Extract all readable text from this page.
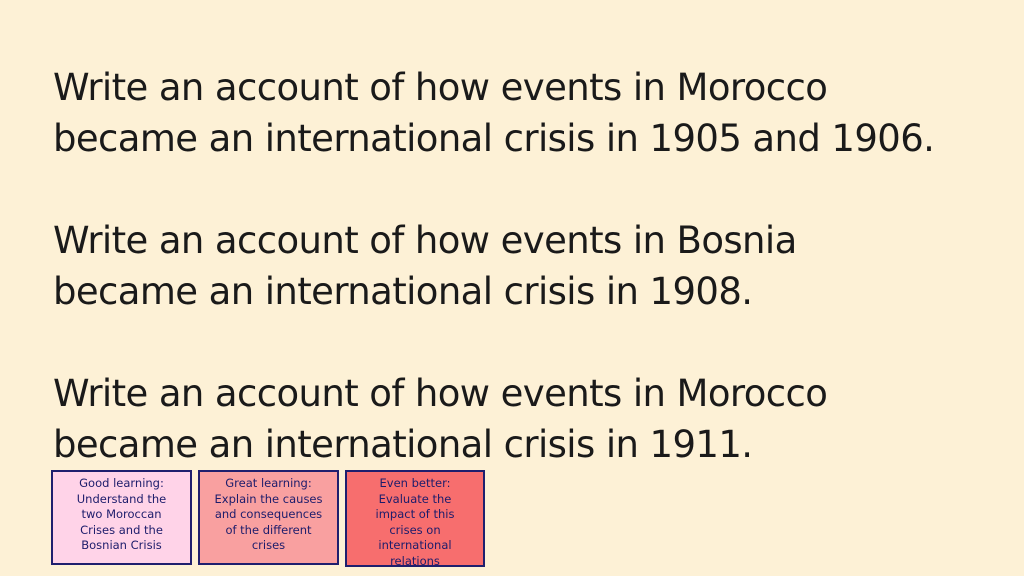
Write an account of how events in Morocco
became an international crisis in 1905 and 1906.

Write an account of how events in Bosnia
became an international crisis in 1908.

Write an account of how events in Morocco
became an international crisis in 1911.

Good learning:
Understand the
two Moroccan
Crises and the
Bosnian Crisis
Great learning:
Explain the causes
and consequences
of the different
crises
Even better:
Evaluate the
impact of this
crises on
international
relations
